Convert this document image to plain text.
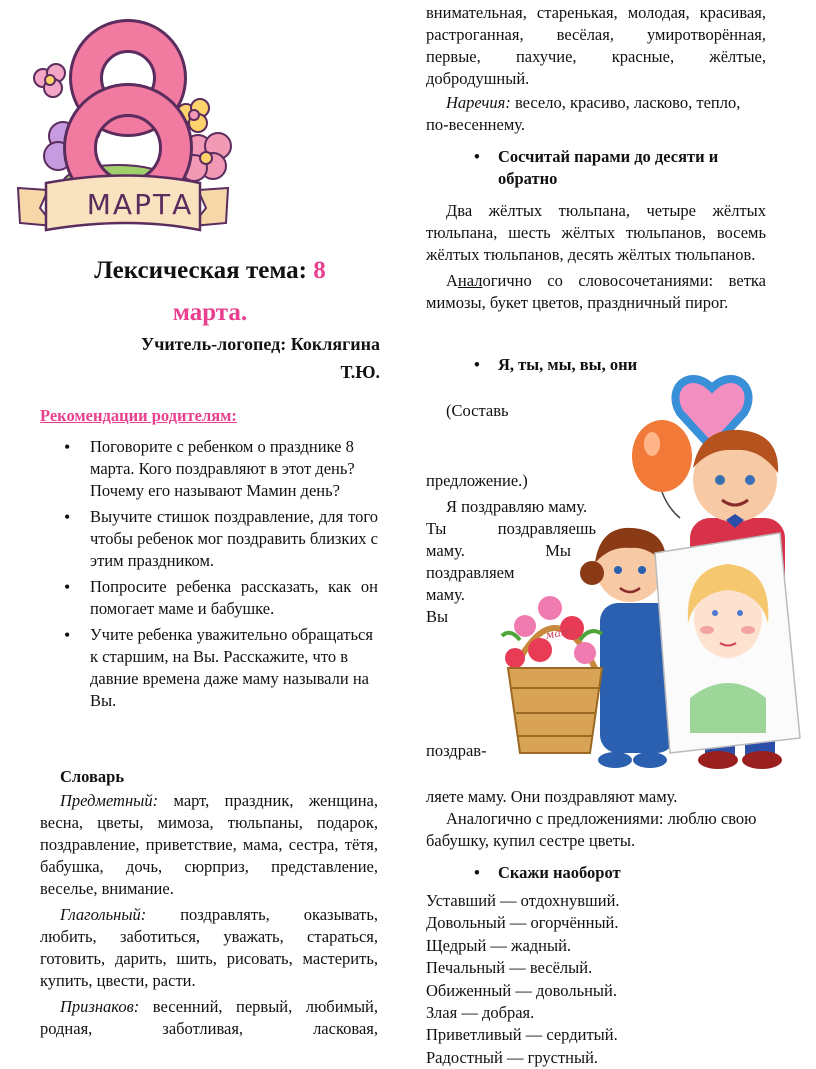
МАРТА
Лексическая тема: 8
марта.
Учитель-логопед: Коклягина
Т.Ю.
Рекомендации родителям:
• Поговорите с ребенком о празднике 8 марта. Кого поздравляют в этот день? Почему его называют Мамин день?
• Выучите стишок поздравление, для того чтобы ребенок мог поздравить близких с этим праздником.
• Попросите ребенка рассказать, как он помогает маме и бабушке.
• Учите ребенка уважительно обращаться к старшим, на Вы. Расскажите, что в давние времена даже маму называли на Вы.
Словарь

Предметный: март, праздник, женщина, весна, цветы, мимоза, тюльпаны, подарок, поздравление, приветствие, мама, сестра, тётя, бабушка, дочь, сюрприз, представление, веселье, внимание.

Глагольный: поздравлять, оказывать, любить, заботиться, уважать, стараться, готовить, дарить, шить, рисовать, мастерить, купить, цвести, расти.

Признаков: весенний, первый, любимый, родная, заботливая, ласковая,

внимательная, старенькая, молодая, красивая, растроганная, весёлая, умиротворённая, первые, пахучие, красные, жёлтые, добродушный.

Наречия: весело, красиво, ласково, тепло, по-весеннему.

• Сосчитай парами до десяти и обратно

Два жёлтых тюльпана, четыре жёлтых тюльпана, шесть жёлтых тюльпанов, восемь жёлтых тюльпанов, десять жёлтых тюльпанов.

Аналогично со словосочетаниями: ветка мимозы, букет цветов, праздничный пирог.

• Я, ты, мы, вы, они
(Составь
предложение.)

Я поздравляю маму.

Ты поздравляешь

маму. Мы

поздравляем

маму.

Вы

поздрав-

ляете маму. Они поздравляют маму.

Аналогично с предложениями: люблю свою бабушку, купил сестре цветы.

• Скажи наоборот

Уставший — отдохнувший.

Довольный — огорчённый.

Щедрый — жадный.

Печальный — весёлый.

Обиженный — довольный.

Злая — добрая.

Приветливый — сердитый.

Радостный — грустный.

мама
